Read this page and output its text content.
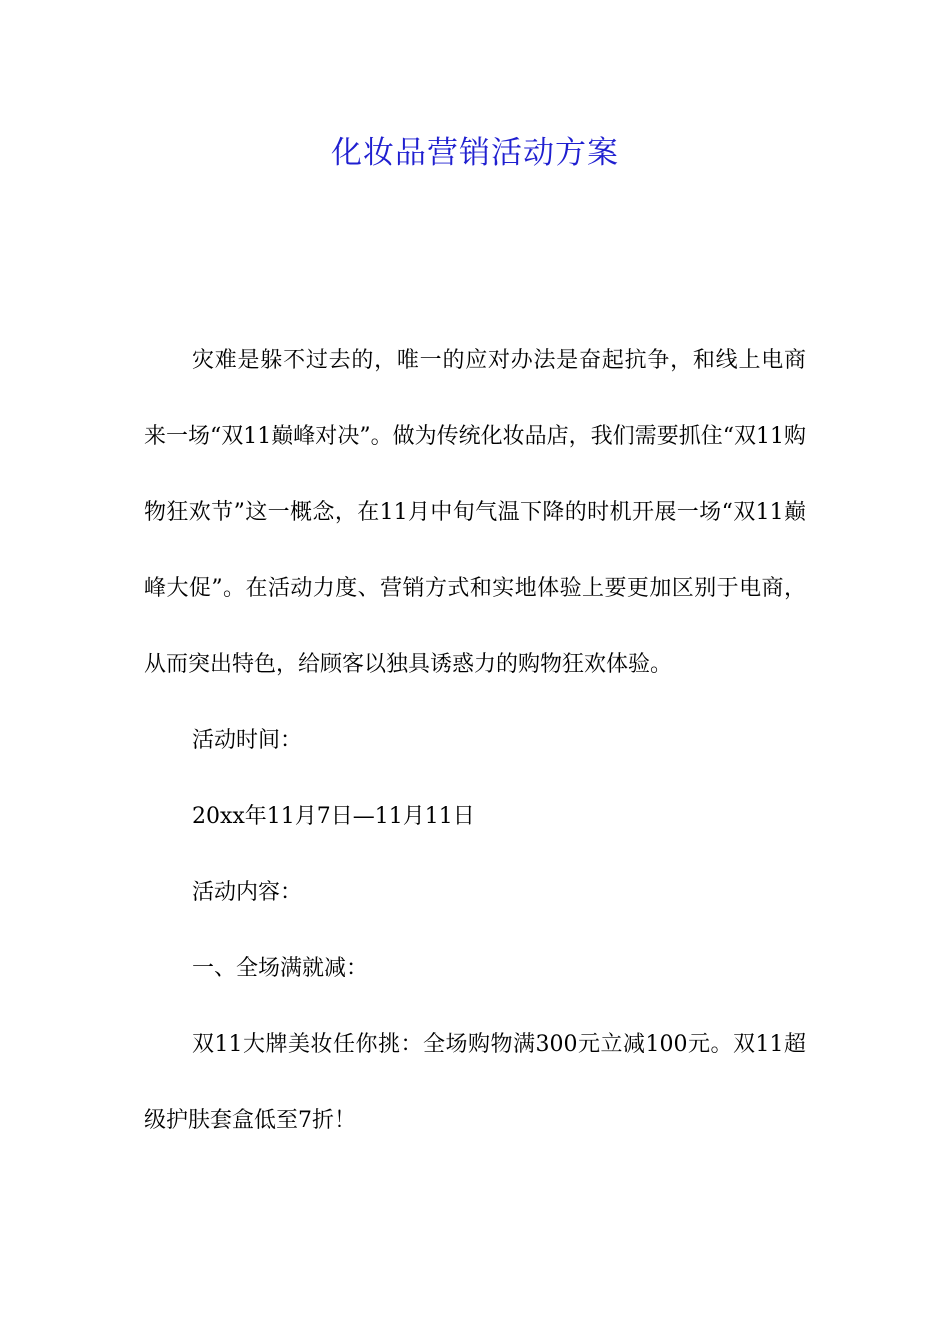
化妆品营销活动方案

灾难是躲不过去的，唯一的应对办法是奋起抗争，和线上电商来一场“双11巅峰对决”。做为传统化妆品店，我们需要抓住“双11购物狂欢节”这一概念，在11月中旬气温下降的时机开展一场“双11巅峰大促”。在活动力度、营销方式和实地体验上要更加区别于电商，从而突出特色，给顾客以独具诱惑力的购物狂欢体验。

活动时间：

20xx年11月7日—11月11日

活动内容：

一、全场满就减：

双11大牌美妆任你挑：全场购物满300元立减100元。双11超级护肤套盒低至7折！
